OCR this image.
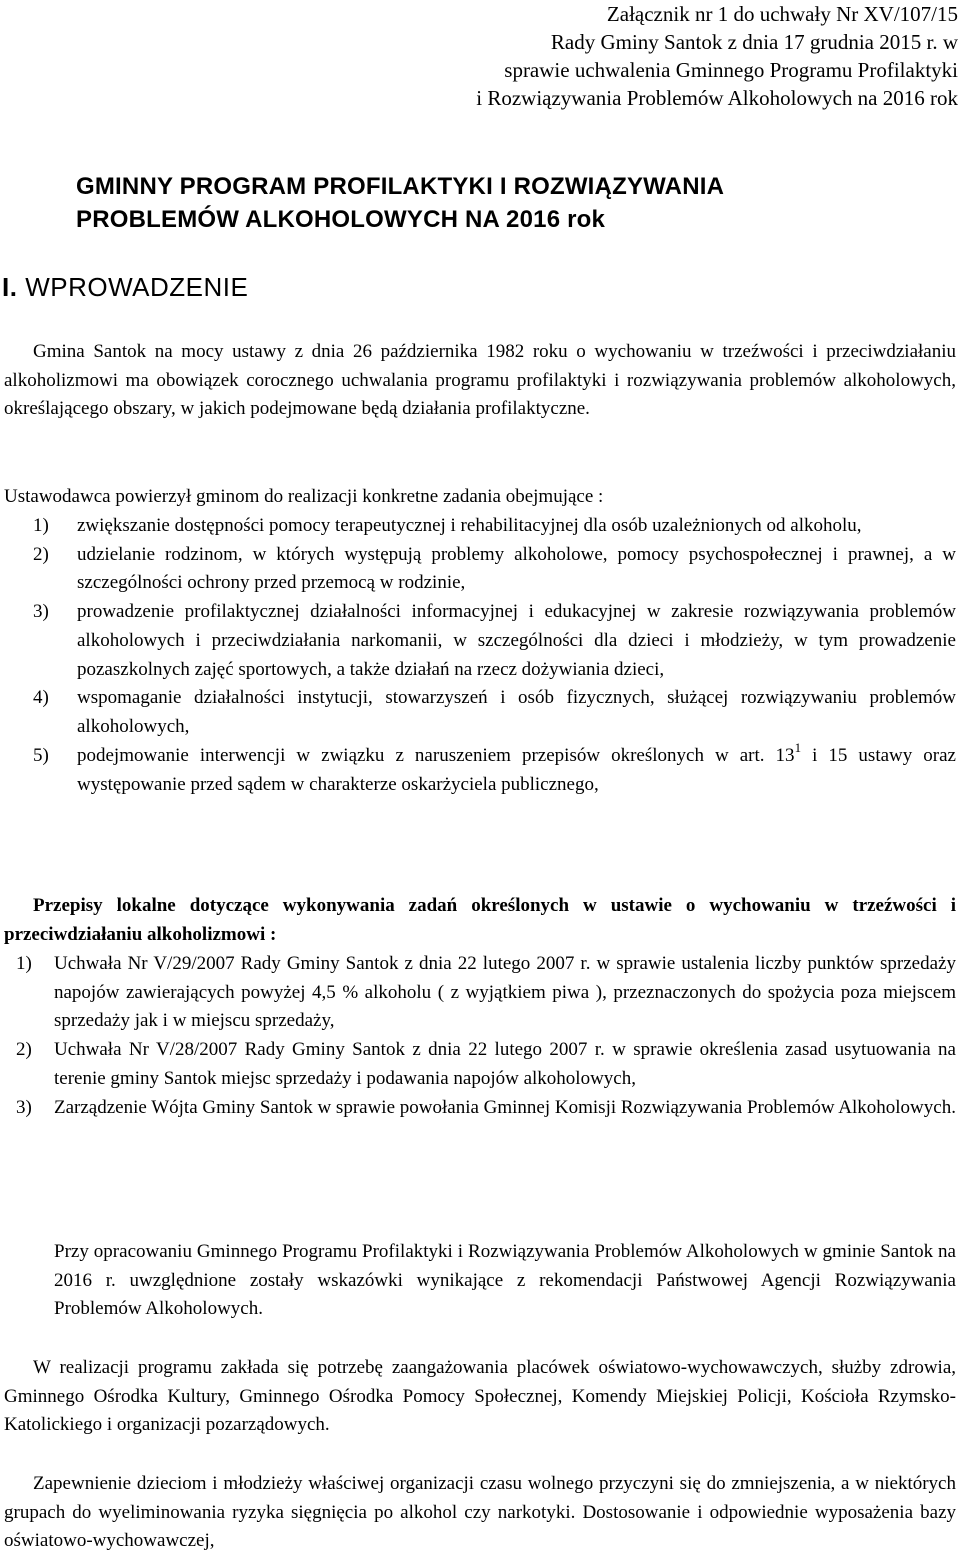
Załącznik nr 1 do uchwały Nr XV/107/15
Rady Gminy Santok z dnia 17 grudnia 2015 r. w
sprawie uchwalenia Gminnego Programu Profilaktyki
i Rozwiązywania Problemów Alkoholowych na 2016 rok
GMINNY PROGRAM PROFILAKTYKI I ROZWIĄZYWANIA
PROBLEMÓW ALKOHOLOWYCH NA 2016 rok
I. WPROWADZENIE
Gmina Santok na mocy ustawy z dnia 26 października 1982 roku o wychowaniu w trzeźwości i przeciwdziałaniu alkoholizmowi ma obowiązek corocznego uchwalania programu profilaktyki i rozwiązywania problemów alkoholowych, określającego obszary, w jakich podejmowane będą działania profilaktyczne.
Ustawodawca powierzył gminom do realizacji konkretne zadania obejmujące :
1) zwiększanie dostępności pomocy terapeutycznej i rehabilitacyjnej dla osób uzależnionych od alkoholu,
2) udzielanie rodzinom, w których występują problemy alkoholowe, pomocy psychospołecznej i prawnej, a w szczególności ochrony przed przemocą w rodzinie,
3) prowadzenie profilaktycznej działalności informacyjnej i edukacyjnej w zakresie rozwiązywania problemów alkoholowych i przeciwdziałania narkomanii, w szczególności dla dzieci i młodzieży, w tym prowadzenie pozaszkolnych zajęć sportowych, a także działań na rzecz dożywiania dzieci,
4) wspomaganie działalności instytucji, stowarzyszeń i osób fizycznych, służącej rozwiązywaniu problemów alkoholowych,
5) podejmowanie interwencji w związku z naruszeniem przepisów określonych w art. $13^1$ i 15 ustawy oraz występowanie przed sądem w charakterze oskarżyciela publicznego,
Przepisy lokalne dotyczące wykonywania zadań określonych w ustawie o wychowaniu w trzeźwości i przeciwdziałaniu alkoholizmowi :
1) Uchwała Nr V/29/2007 Rady Gminy Santok z dnia 22 lutego 2007 r. w sprawie ustalenia liczby punktów sprzedaży napojów zawierających powyżej 4,5 % alkoholu ( z wyjątkiem piwa ), przeznaczonych do spożycia poza miejscem sprzedaży jak i w miejscu sprzedaży,
2) Uchwała Nr V/28/2007 Rady Gminy Santok z dnia 22 lutego 2007 r. w sprawie określenia zasad usytuowania na terenie gminy Santok miejsc sprzedaży i podawania napojów alkoholowych,
3) Zarządzenie Wójta Gminy Santok w sprawie powołania Gminnej Komisji Rozwiązywania Problemów Alkoholowych.
Przy opracowaniu Gminnego Programu Profilaktyki i Rozwiązywania Problemów Alkoholowych w gminie Santok na 2016 r. uwzględnione zostały wskazówki wynikające z rekomendacji Państwowej Agencji Rozwiązywania Problemów Alkoholowych.
W realizacji programu zakłada się potrzebę zaangażowania placówek oświatowo-wychowawczych, służby zdrowia, Gminnego Ośrodka Kultury, Gminnego Ośrodka Pomocy Społecznej, Komendy Miejskiej Policji, Kościoła Rzymsko-Katolickiego i organizacji pozarządowych.
Zapewnienie dzieciom i młodzieży właściwej organizacji czasu wolnego przyczyni się do zmniejszenia, a w niektórych grupach do wyeliminowania ryzyka sięgnięcia po alkohol czy narkotyki. Dostosowanie i odpowiednie wyposażenia bazy oświatowo-wychowawczej,
